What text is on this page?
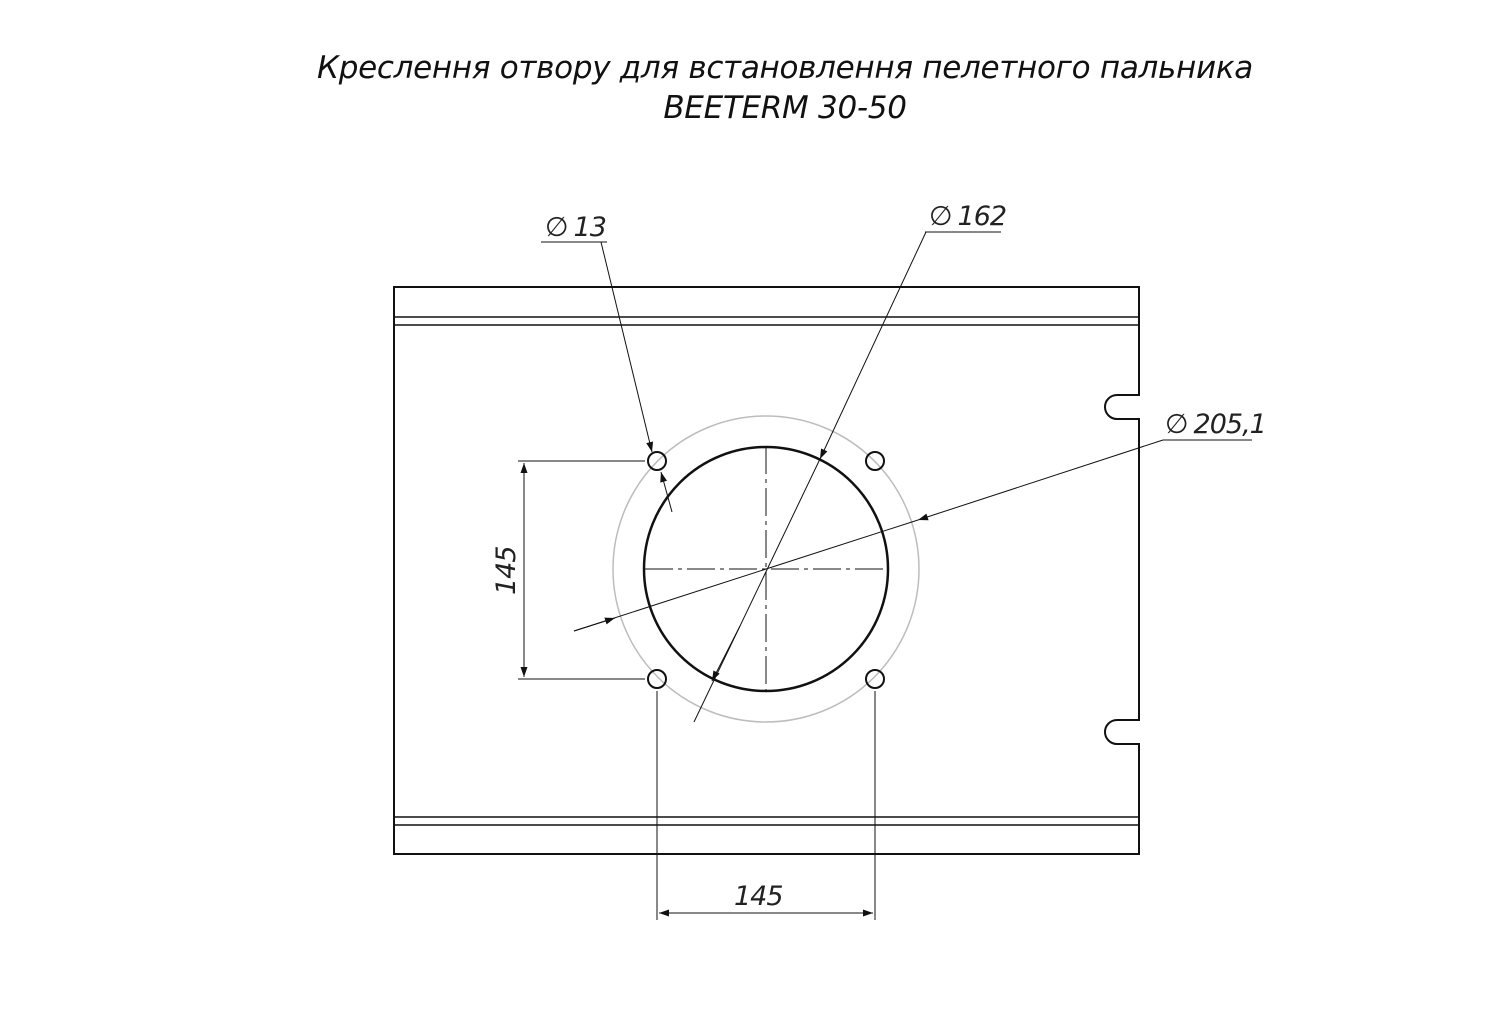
Креслення отвору для встановлення пелетного пальника
BEETERM 30-50
∅ 13	∅ 162
∅ 205,1
145
145
